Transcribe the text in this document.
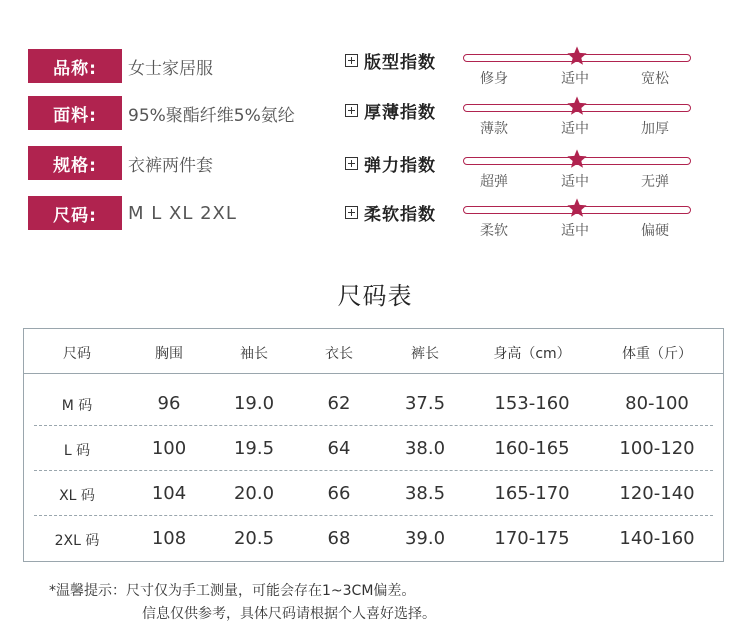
品称:	女士家居服
面料:	95%聚酯纤维5%氨纶
规格:	衣裤两件套
尺码:	M L XL 2XL
版型指数
修身	适中	宽松
厚薄指数
薄款	适中	加厚
弹力指数
超弹	适中	无弹
柔软指数
柔软	适中	偏硬
尺码表
尺码	胸围	袖长	衣长	裤长	身高（cm）	体重（斤）
M 码	96	19.0	62	37.5	153-160	80-100
L 码	100	19.5	64	38.0	160-165	100-120
XL 码	104	20.0	66	38.5	165-170	120-140
2XL 码	108	20.5	68	39.0	170-175	140-160
*温馨提示：尺寸仅为手工测量，可能会存在1~3CM偏差。
信息仅供参考，具体尺码请根据个人喜好选择。
